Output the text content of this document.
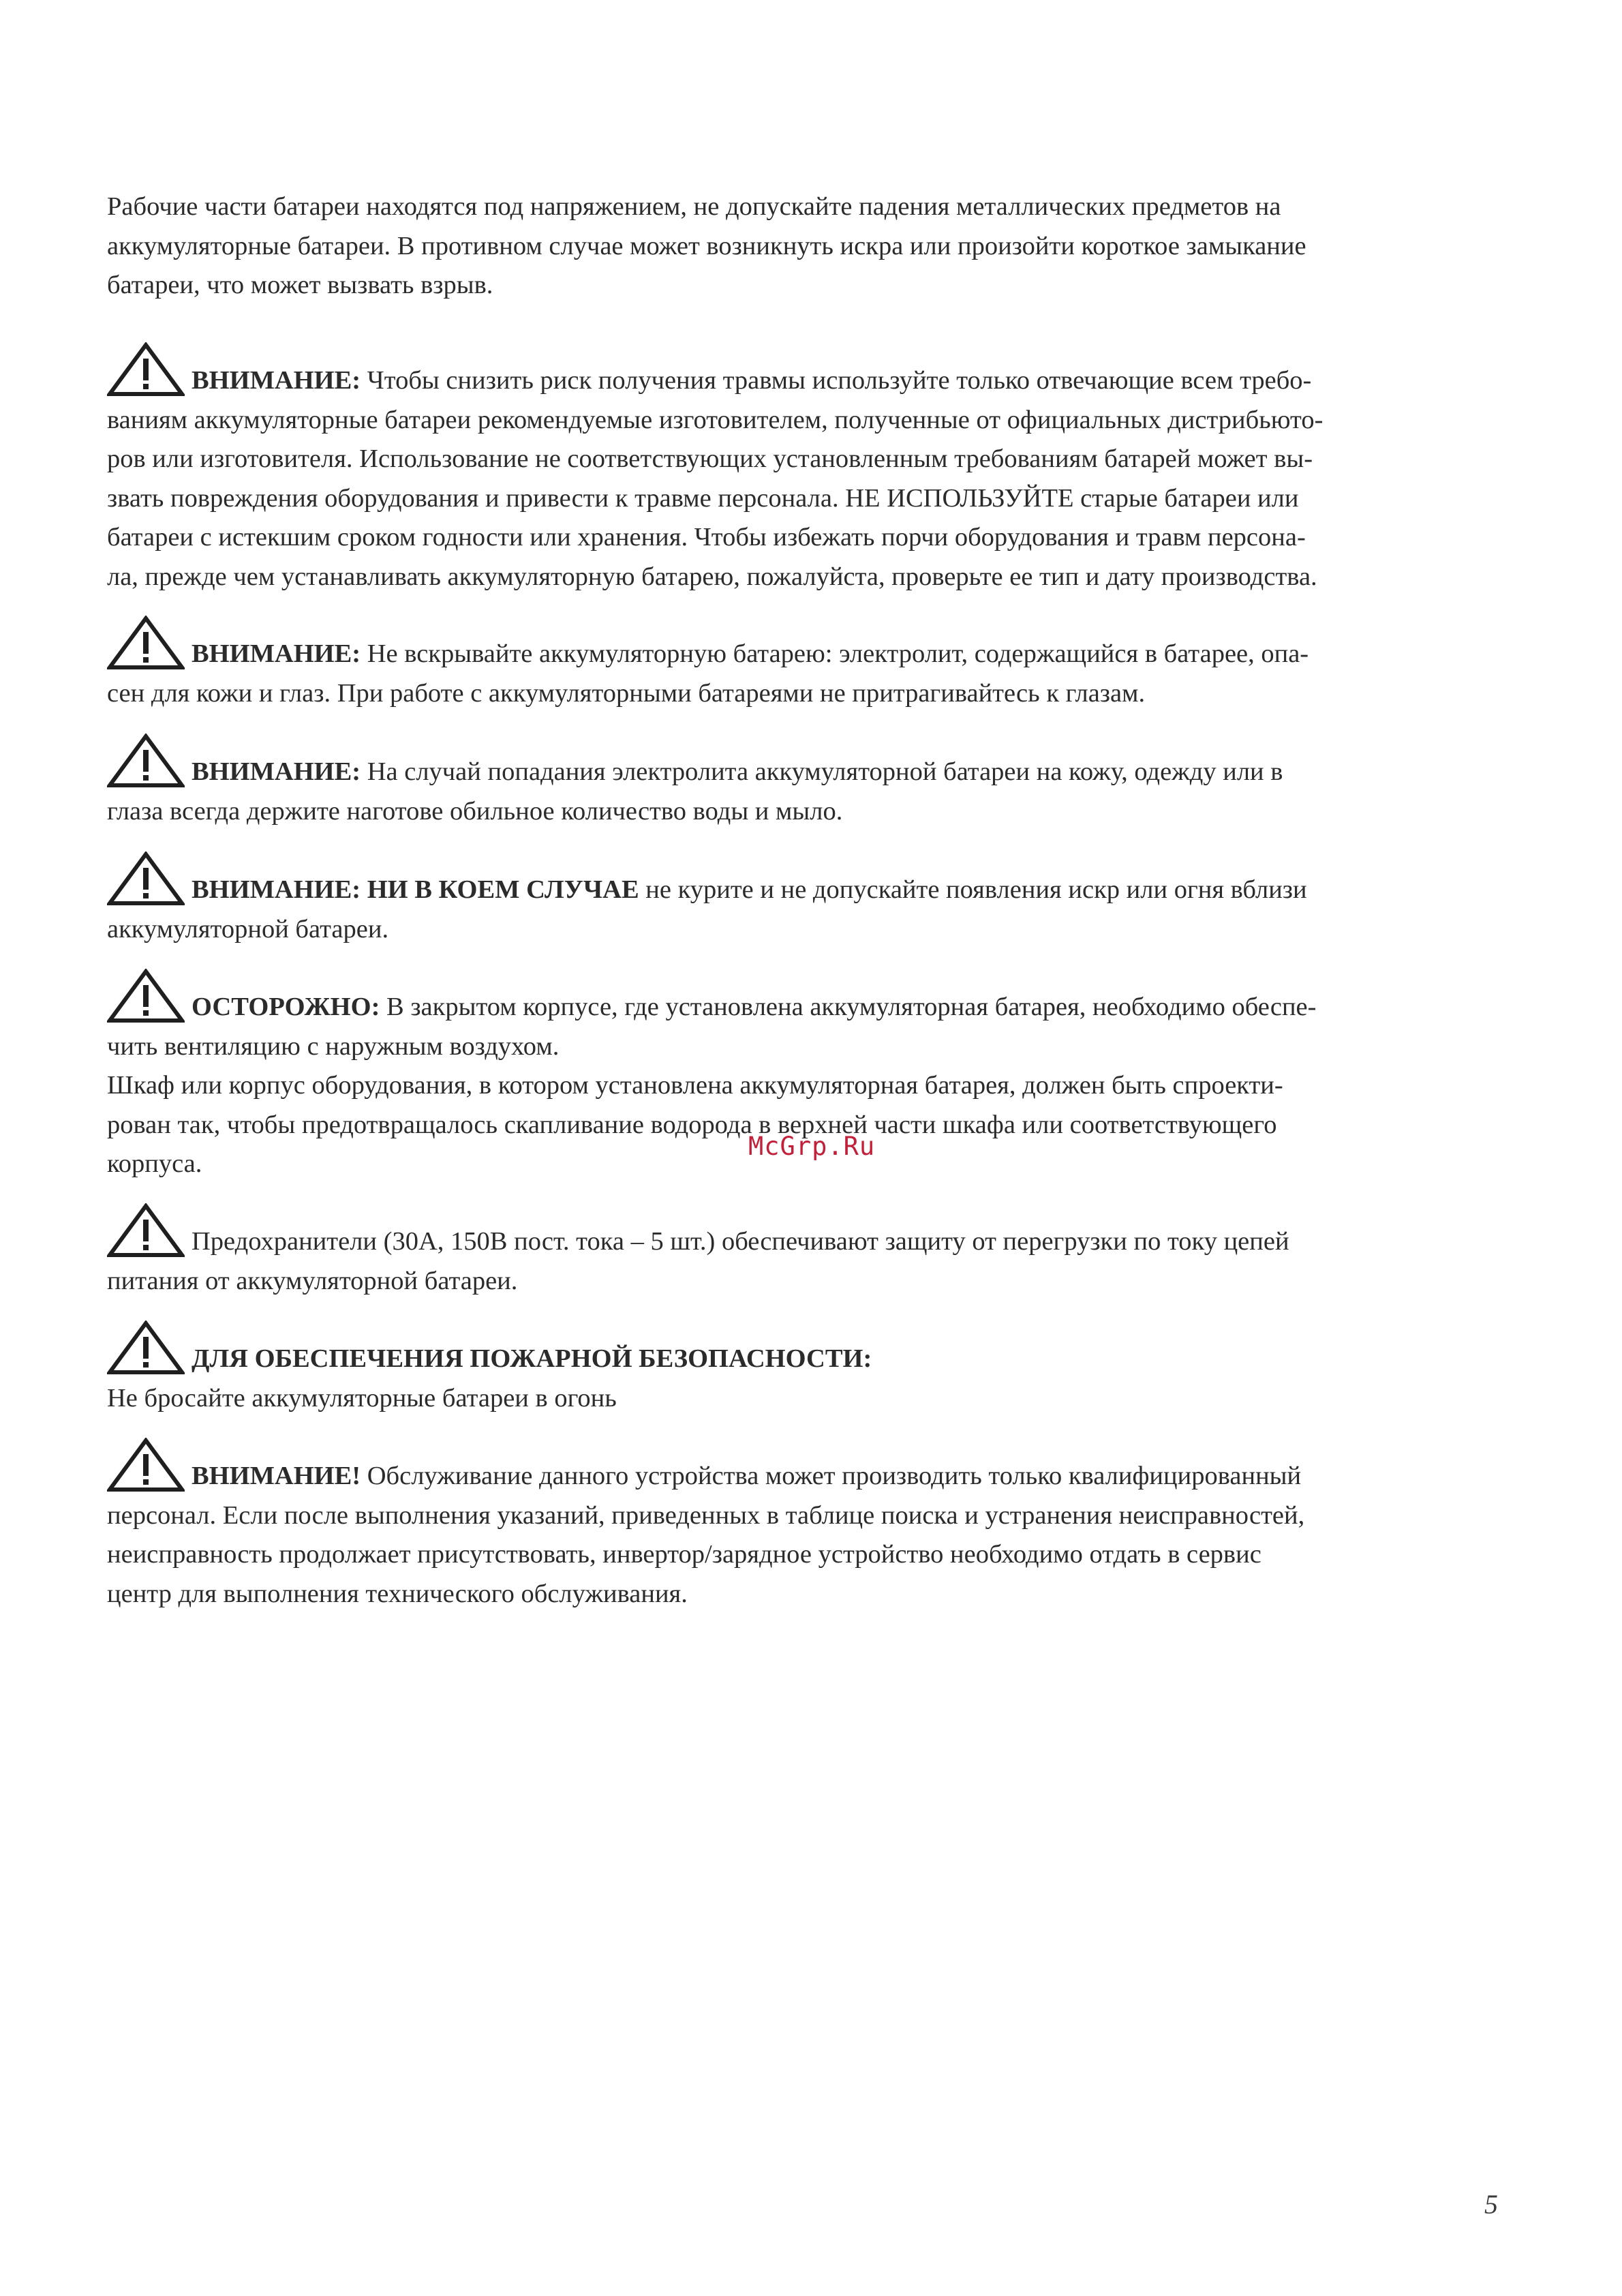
Рабочие части батареи находятся под напряжением, не допускайте падения металлических предметов на

аккумуляторные батареи. В противном случае может возникнуть искра или произойти короткое замыкание

батареи, что может вызвать взрыв.

ВНИМАНИЕ: Чтобы снизить риск получения травмы используйте только отвечающие всем требо-

ваниям аккумуляторные батареи рекомендуемые изготовителем, полученные от официальных дистрибьюто-

ров или изготовителя. Использование не соответствующих установленным требованиям батарей может вы-

звать повреждения оборудования и привести к травме персонала. НЕ ИСПОЛЬЗУЙТЕ старые батареи или

батареи с истекшим сроком годности или хранения. Чтобы избежать порчи оборудования и травм персона-

ла, прежде чем устанавливать аккумуляторную батарею, пожалуйста, проверьте ее тип и дату производства.

ВНИМАНИЕ: Не вскрывайте аккумуляторную батарею: электролит, содержащийся в батарее, опа-

сен для кожи и глаз. При работе с аккумуляторными батареями не притрагивайтесь к глазам.

ВНИМАНИЕ: На случай попадания электролита аккумуляторной батареи на кожу, одежду или в

глаза всегда держите наготове обильное количество воды и мыло.

ВНИМАНИЕ: НИ В КОЕМ СЛУЧАЕ не курите и не допускайте появления искр или огня вблизи

аккумуляторной батареи.

ОСТОРОЖНО: В закрытом корпусе, где установлена аккумуляторная батарея, необходимо обеспе-

чить вентиляцию с наружным воздухом.

Шкаф или корпус оборудования, в котором установлена аккумуляторная батарея, должен быть спроекти-

рован так, чтобы предотвращалось скапливание водорода в верхней части шкафа или соответствующего

корпуса.

Предохранители (30А, 150В пост. тока – 5 шт.) обеспечивают защиту от перегрузки по току цепей

питания от аккумуляторной батареи.

ДЛЯ ОБЕСПЕЧЕНИЯ ПОЖАРНОЙ БЕЗОПАСНОСТИ:

Не бросайте аккумуляторные батареи в огонь

ВНИМАНИЕ! Обслуживание данного устройства может производить только квалифицированный

персонал. Если после выполнения указаний, приведенных в таблице поиска и устранения неисправностей,

неисправность продолжает присутствовать, инвертор/зарядное устройство необходимо отдать в сервис

центр для выполнения технического обслуживания.

McGrp.Ru
5
